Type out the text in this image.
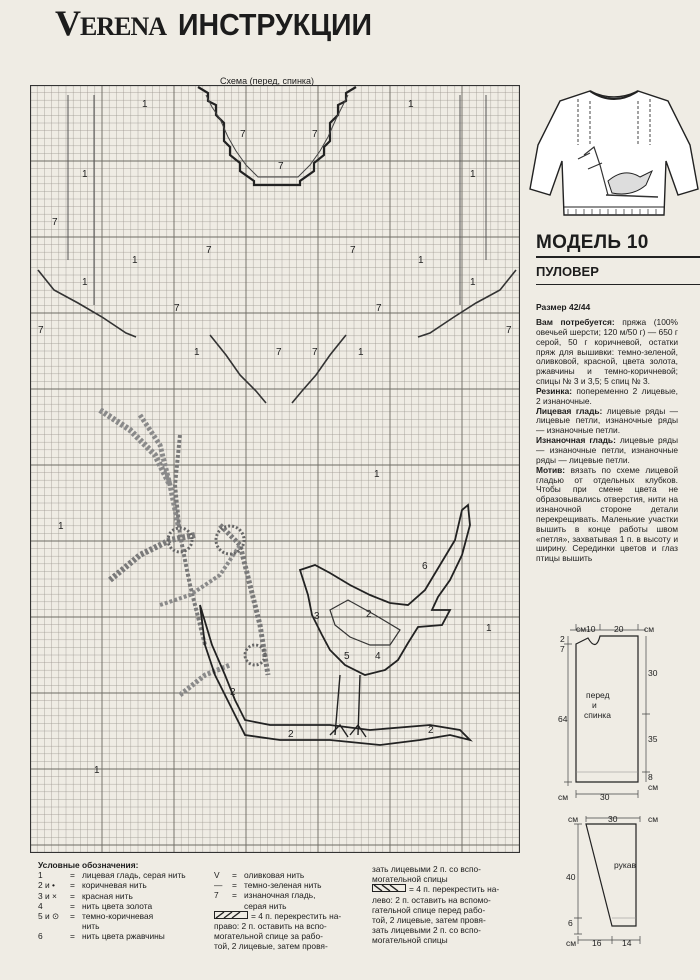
VERENA ИНСТРУКЦИИ
Схема (перед, спинка)
1	1
1	1
7
7	7
7
7	7
1	1
1	1
7	7
7	7
1	1
7	7
1
1
6
3	2
5	4
1
2
2	2
1
МОДЕЛЬ 10
ПУЛОВЕР
Размер 42/44

Вам потребуется: пряжа (100% овечьей шерсти; 120 м/50 г) — 650 г серой, 50 г коричневой, остатки пряж для вышивки: темно-зеленой, оливковой, красной, цвета золота, ржавчины и темно-коричневой; спицы № 3 и 3,5; 5 спиц № 3.

Резинка: попеременно 2 лицевые, 2 изнаночные.

Лицевая гладь: лицевые ряды — лицевые петли, изнаночные ряды — изнаночные петли.

Изнаночная гладь: лицевые ряды — изнаночные петли, изнаночные ряды — лицевые петли.

Мотив: вязать по схеме лицевой гладью от отдельных клубков. Чтобы при смене цвета не образовывались отверстия, нити на изнаночной стороне детали перекрещивать. Маленькие участки вышить в конце работы швом «петля», захватывая 1 п. в высоту и ширину. Серединки цветов и глаз птицы вышить

см 10 20 см
2
7
64
30
35
8
см
см	30
перед
и
спинка
см	30	см
40
6
см 16 14
рукав
Условные обозначения:
1	= лицевая гладь, серая нить
2 и •	= коричневая нить
3 и ×	= красная нить
4	= нить цвета золота
5 и ⊙	= темно-коричневая
нить
6	= нить цвета ржавчины
V	= оливковая нить
—	= темно-зеленая нить
7	= изнаночная гладь,
серая нить
= 4 п. перекрестить на-
право: 2 п. оставить на вспо-
могательной спице за рабо-
той, 2 лицевые, затем провя-
зать лицевыми 2 п. со вспо-
могательной спицы
= 4 п. перекрестить на-
лево: 2 п. оставить на вспомо-
гательной спице перед рабо-
той, 2 лицевые, затем провя-
зать лицевыми 2 п. со вспо-
могательной спицы
